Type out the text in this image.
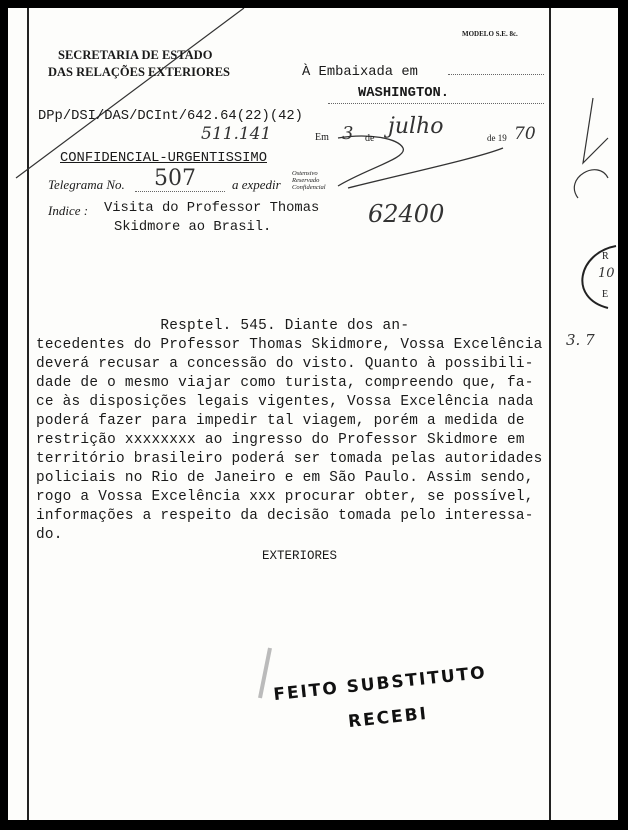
MODELO S.E. 8c.
SECRETARIA DE ESTADO
DAS RELAÇÕES EXTERIORES	À Embaixada em
WASHINGTON.
DPp/DSI/DAS/DCInt/642.64(22)(42)
511.141	Em 3 de julho	de 19 70
CONFIDENCIAL-URGENTISSIMO
Telegrama No. 507	a expedir
Ostensivo
Reservado
Confidencial
Indice : Visita do Professor Thomas
Skidmore ao Brasil.	62400
Resptel. 545. Diante dos an-
tecedentes do Professor Thomas Skidmore, Vossa Excelência
deverá recusar a concessão do visto. Quanto à possibili-
dade de o mesmo viajar como turista, compreendo que, fa-
ce às disposições legais vigentes, Vossa Excelência nada
poderá fazer para impedir tal viagem, porém a medida de
restrição xxxxxxxx ao ingresso do Professor Skidmore em
território brasileiro poderá ser tomada pelas autoridades
policiais no Rio de Janeiro e em São Paulo. Assim sendo,
rogo a Vossa Excelência xxx procurar obter, se possível,
informações a respeito da decisão tomada pelo interessa-
do.
EXTERIORES
FEITO SUBSTITUTO
RECEBI
3. 7
R
10
E
